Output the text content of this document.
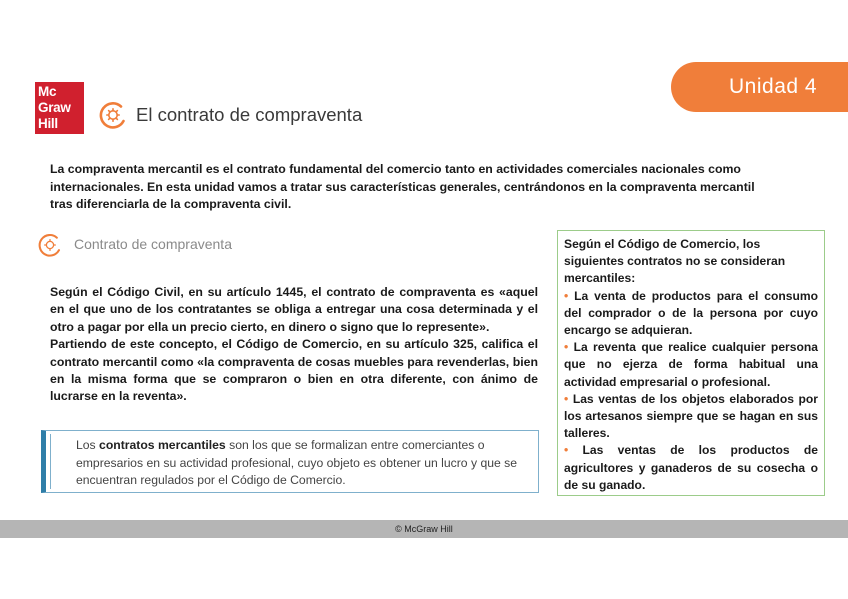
Mc
Graw
Hill
Unidad 4
El contrato de compraventa
La compraventa mercantil es el contrato fundamental del comercio tanto en actividades comerciales nacionales como internacionales. En esta unidad vamos a tratar sus características generales, centrándonos en la compraventa mercantil tras diferenciarla de la compraventa civil.
Contrato de compraventa

Según el Código Civil, en su artículo 1445, el contrato de compraventa es «aquel en el que uno de los contratantes se obliga a entregar una cosa determinada y el otro a pagar por ella un precio cierto, en dinero o signo que lo represente».

Partiendo de este concepto, el Código de Comercio, en su artículo 325, califica el contrato mercantil como «la compraventa de cosas muebles para revenderlas, bien en la misma forma que se compraron o bien en otra diferente, con ánimo de lucrarse en la reventa».

Los contratos mercantiles son los que se formalizan entre comerciantes o empresarios en su actividad profesional, cuyo objeto es obtener un lucro y que se encuentran regulados por el Código de Comercio.

Según el Código de Comercio, los siguientes contratos no se consideran mercantiles:

• La venta de productos para el consumo del comprador o de la persona por cuyo encargo se adquieran.
• La reventa que realice cualquier persona que no ejerza de forma habitual una actividad empresarial o profesional.
• Las ventas de los objetos elaborados por los artesanos siempre que se hagan en sus talleres.
• Las ventas de los productos de agricultores y ganaderos de su cosecha o de su ganado.
© McGraw Hill
